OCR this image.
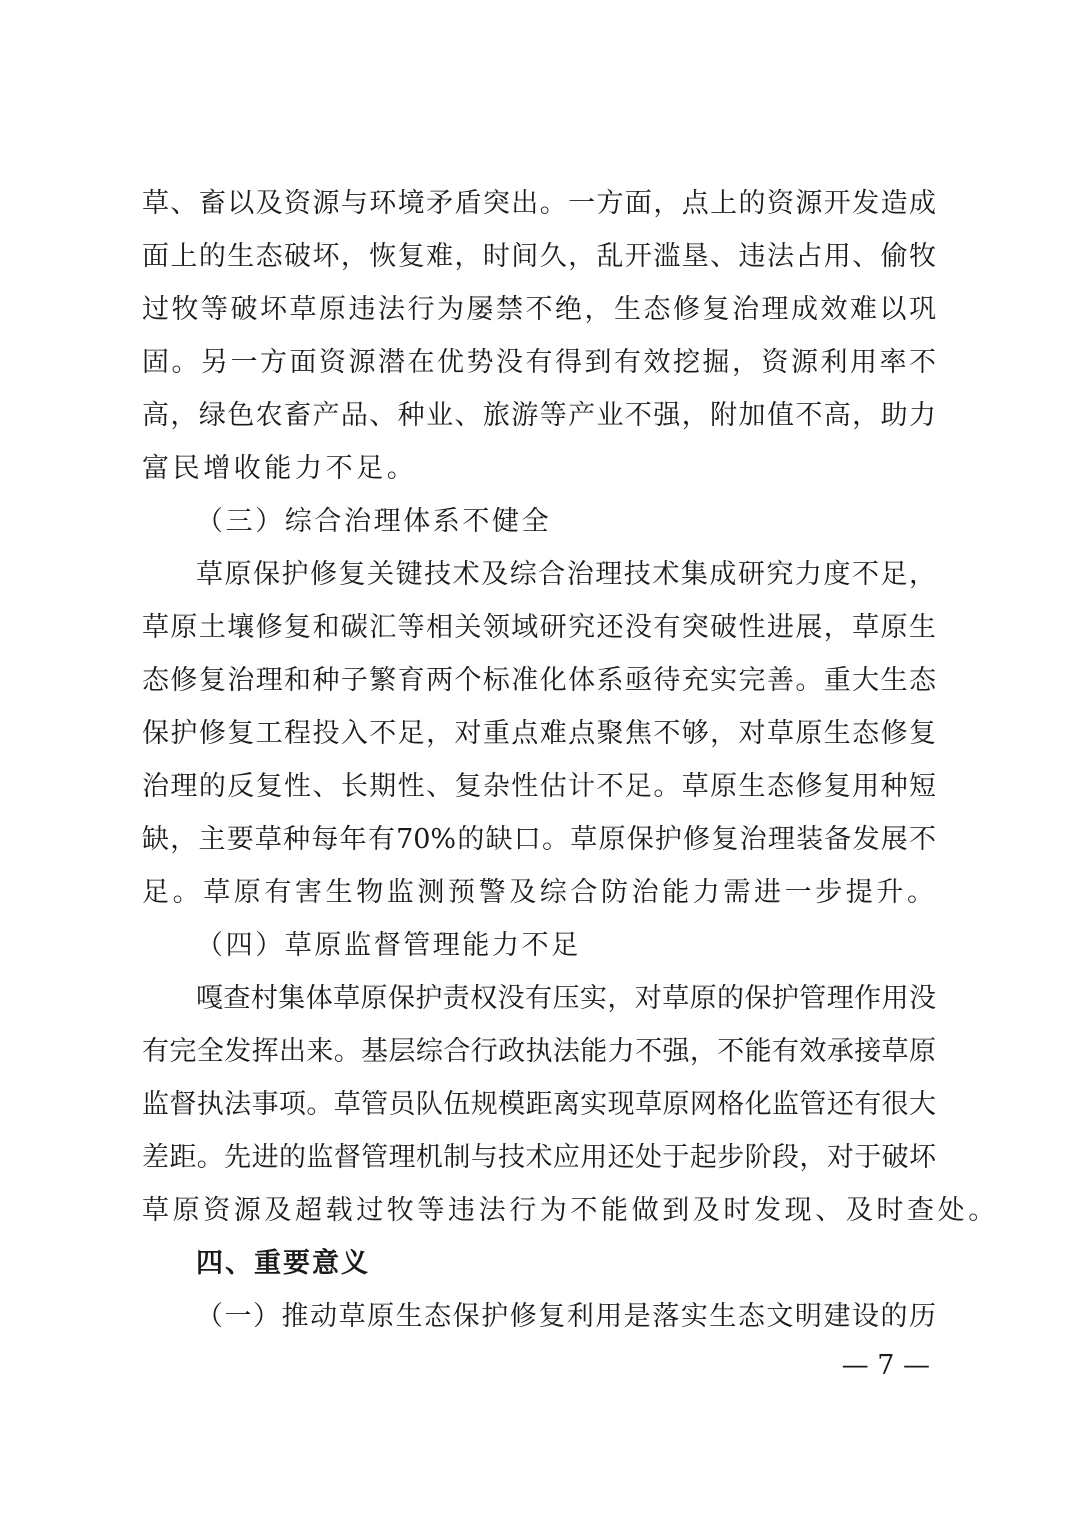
草、畜以及资源与环境矛盾突出。一方面，点上的资源开发造成
面上的生态破坏，恢复难，时间久，乱开滥垦、违法占用、偷牧
过牧等破坏草原违法行为屡禁不绝，生态修复治理成效难以巩
固。另一方面资源潜在优势没有得到有效挖掘，资源利用率不
高，绿色农畜产品、种业、旅游等产业不强，附加值不高，助力
富民增收能力不足。
（三）综合治理体系不健全
草原保护修复关键技术及综合治理技术集成研究力度不足，
草原土壤修复和碳汇等相关领域研究还没有突破性进展，草原生
态修复治理和种子繁育两个标准化体系亟待充实完善。重大生态
保护修复工程投入不足，对重点难点聚焦不够，对草原生态修复
治理的反复性、长期性、复杂性估计不足。草原生态修复用种短
缺，主要草种每年有70%的缺口。草原保护修复治理装备发展不
足。草原有害生物监测预警及综合防治能力需进一步提升。
（四）草原监督管理能力不足
嘎查村集体草原保护责权没有压实，对草原的保护管理作用没
有完全发挥出来。基层综合行政执法能力不强，不能有效承接草原
监督执法事项。草管员队伍规模距离实现草原网格化监管还有很大
差距。先进的监督管理机制与技术应用还处于起步阶段，对于破坏
草原资源及超载过牧等违法行为不能做到及时发现、及时查处。
四、重要意义
（一）推动草原生态保护修复利用是落实生态文明建设的历
— 7 —
